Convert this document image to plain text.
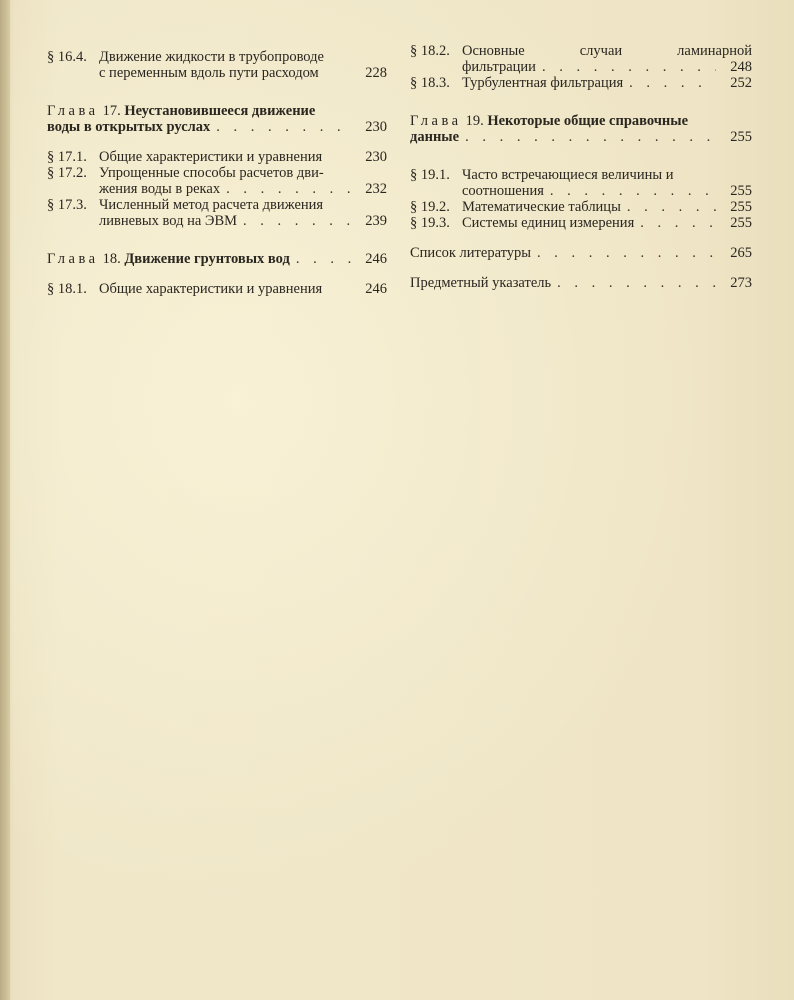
§ 16.4. Движение жидкости в трубопроводе
с переменным вдоль пути расходом	228
Глава 17.
Неустановившееся движение
воды в открытых руслах . . .	230
§ 17.1. Общие характеристики и уравнения	230
§ 17.2. Упрощенные способы расчетов дви-
жения воды в реках . . .	232
§ 17.3. Численный метод расчета движения
ливневых вод на ЭВМ . . .	239
Глава 18.
Движение грунтовых вод . . .	246
§ 18.1. Общие характеристики и уравнения	246
§ 18.2. Основные случаи ламинарной
фильтрации . . .	248
§ 18.3. Турбулентная фильтрация . . .	252
Глава 19.
Некоторые общие справочные
данные . . .	255
§ 19.1. Часто встречающиеся величины и
соотношения . . .	255
§ 19.2. Математические таблицы . . .	255
§ 19.3. Системы единиц измерения . . .	255
Список литературы . . .	265
Предметный указатель . . .	273
